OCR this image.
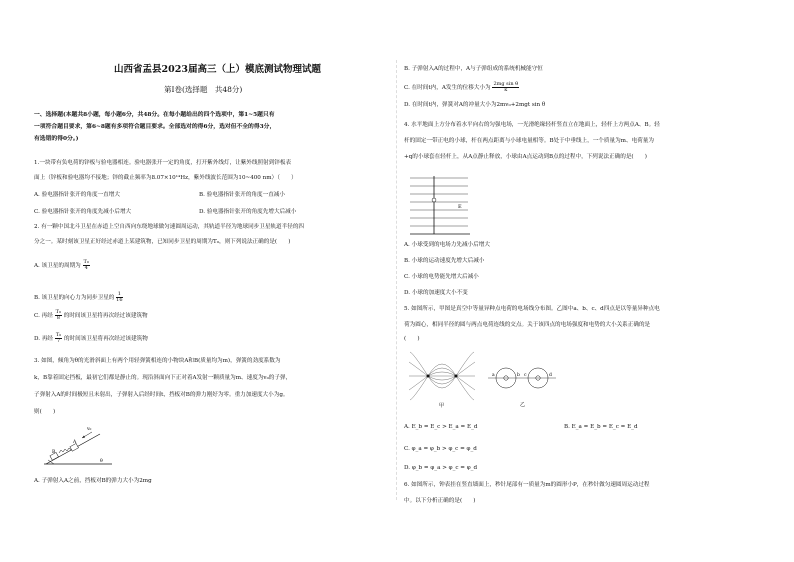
山西省盂县2023届高三（上）模底测试物理试题
第Ⅰ卷(选择题　共48分)
一、选择题(本题共8小题，每小题6分，共48分。在每小题给出的四个选项中，第1~5题只有
一项符合题目要求，第6~8题有多项符合题目要求。全部选对的得6分，选对但不全的得3分，
有选错的得0分。)
1.一块带有负电荷的锌板与验电器相连。验电器张开一定的角度，打开紫外线灯，让紫外线照射到锌板表
面上（锌板和验电器均不接地；锌的截止频率为8.07×10¹⁴Hz，紫外线波长范围为10~400 nm）（　　）
A. 验电器指针张开的角度一直增大	B. 验电器指针张开的角度一直减小
C. 验电器指针张开的角度先减小后增大	D. 验电器指针张开的角度先增大后减小
2. 有一颗中国北斗卫星在赤道上空自西向东绕地球做匀速圆周运动，其轨道半径为地球同步卫星轨道半径的四
分之一。某时刻该卫星正好经过赤道上某建筑物，已知同步卫星的周期为T₀，则下列说法正确的是(　　)
A. 该卫星的周期为 $\frac{\text{T₀}}{4}$
B. 该卫星的向心力为同步卫星的 $\frac{1}{16}$
C. 再经 $\frac{\text{T₀}}{8}$ 的时间该卫星将再次经过该建筑物
D. 再经 $\frac{\text{T₀}}{7}$ 的时间该卫星将再次经过该建筑物
3. 如图，倾角为θ的光滑斜面上有两个用轻弹簧相连的小物块A和B(质量均为m)，弹簧的劲度系数为
k，B靠着固定挡板，最初它们都是静止的。现沿斜面向下正对着A发射一颗质量为m、速度为v₀的子弹，
子弹射入A的时间极短且未射出，子弹射入后经时间t，挡板对B的弹力刚好为零。重力加速度大小为g。
则(　　)
B
A
v₀
θ
A. 子弹射入A之前，挡板对B的弹力大小为2mg
B. 子弹射入A的过程中，A与子弹组成的系统机械能守恒
C. 在时间t内，A发生的位移大小为 $\frac{\text{2mg sin θ}}{k}$
D. 在时间t内，弹簧对A的冲量大小为2mv₀+2mgt sin θ
4. 水平地面上方分布着水平向右的匀强电场，一光滑绝缘轻杆竖直立在地面上，轻杆上方两点A、B。轻
杆的固定一带正电的小球，杆在两点距离与小球电量相等。B处于中垂线上，一个质量为m、电荷量为
+q的小球套在轻杆上，从A点静止释放，小球由A点运动到B点的过程中，下列说法正确的是(　　)
E
A. 小球受到的电场力先减小后增大
B. 小球的运动速度先增大后减小
C. 小球的电势能先增大后减小
D. 小球的加速度大小不变
5. 如图所示，甲图是真空中等量异种点电荷的电场线分布图。乙图中a、b、c、d四点是以等量异种点电
荷为圆心，相同半径的圆与两点电荷连线的交点。关于该四点的电场强度和电势的大小关系正确的是
(　　)
甲
a	b c	d
乙
A. E_b = E_c > E_a = E_d	B. E_a = E_b = E_c = E_d
C. φ_a = φ_b > φ_c = φ_d
D. φ_b = φ_a > φ_c = φ_d
6. 如图所示，钟表挂在竖直墙面上，秒针尾部有一质量为m的圆形小P，在秒针做匀速圆周运动过程
中。以下分析正确的是(　　)
